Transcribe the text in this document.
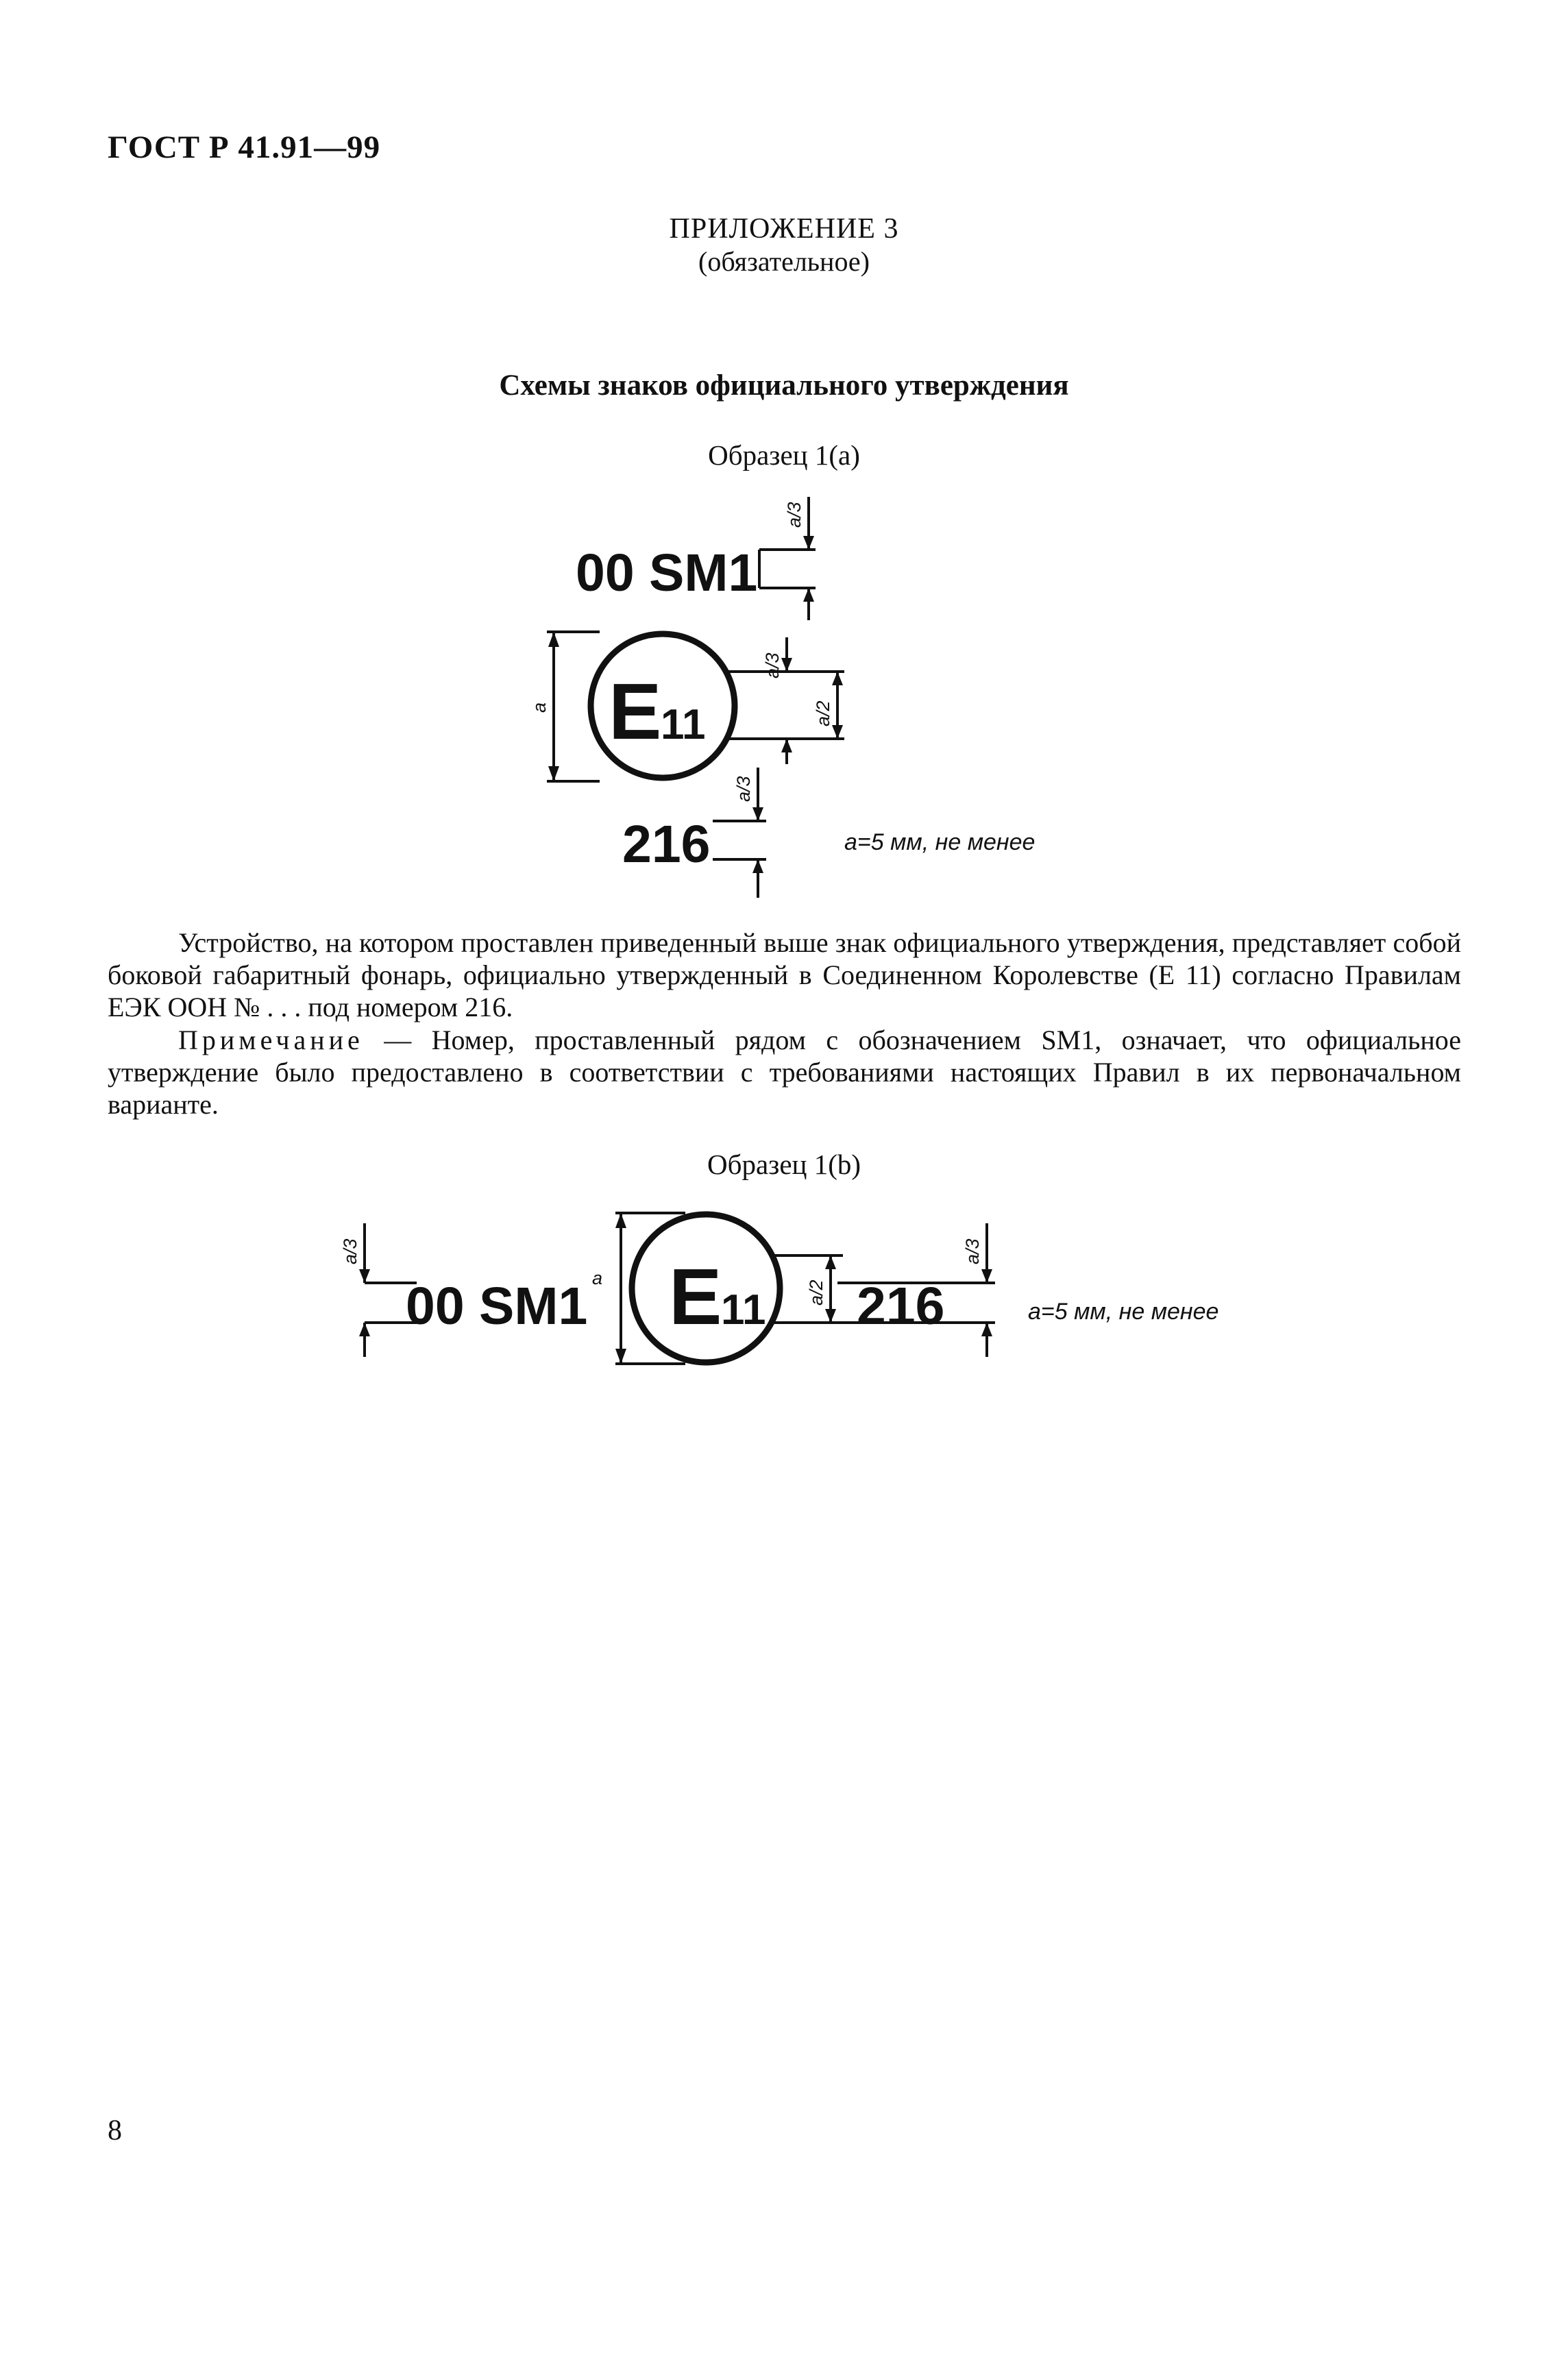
ГОСТ Р 41.91—99
ПРИЛОЖЕНИЕ 3
(обязательное)
Схемы знаков официального утверждения
Образец 1(а)
00 SM1
a/3
E
11
a
a/3
a/2
216
a/3
a=5 мм, не менее
Устройство, на котором проставлен приведенный выше знак официального утверждения, представляет собой боковой габаритный фонарь, официально утвержденный в Соединенном Королевстве (E 11) согласно Правилам ЕЭК ООН № . . . под номером 216.
Примечание — Номер, проставленный рядом с обозначением SM1, означает, что официальное утверждение было предоставлено в соответствии с требованиями настоящих Правил в их первоначальном варианте.
Образец 1(b)
a/3
00 SM1 a E
11 a/2 216
a/3
a=5 мм, не менее
8
